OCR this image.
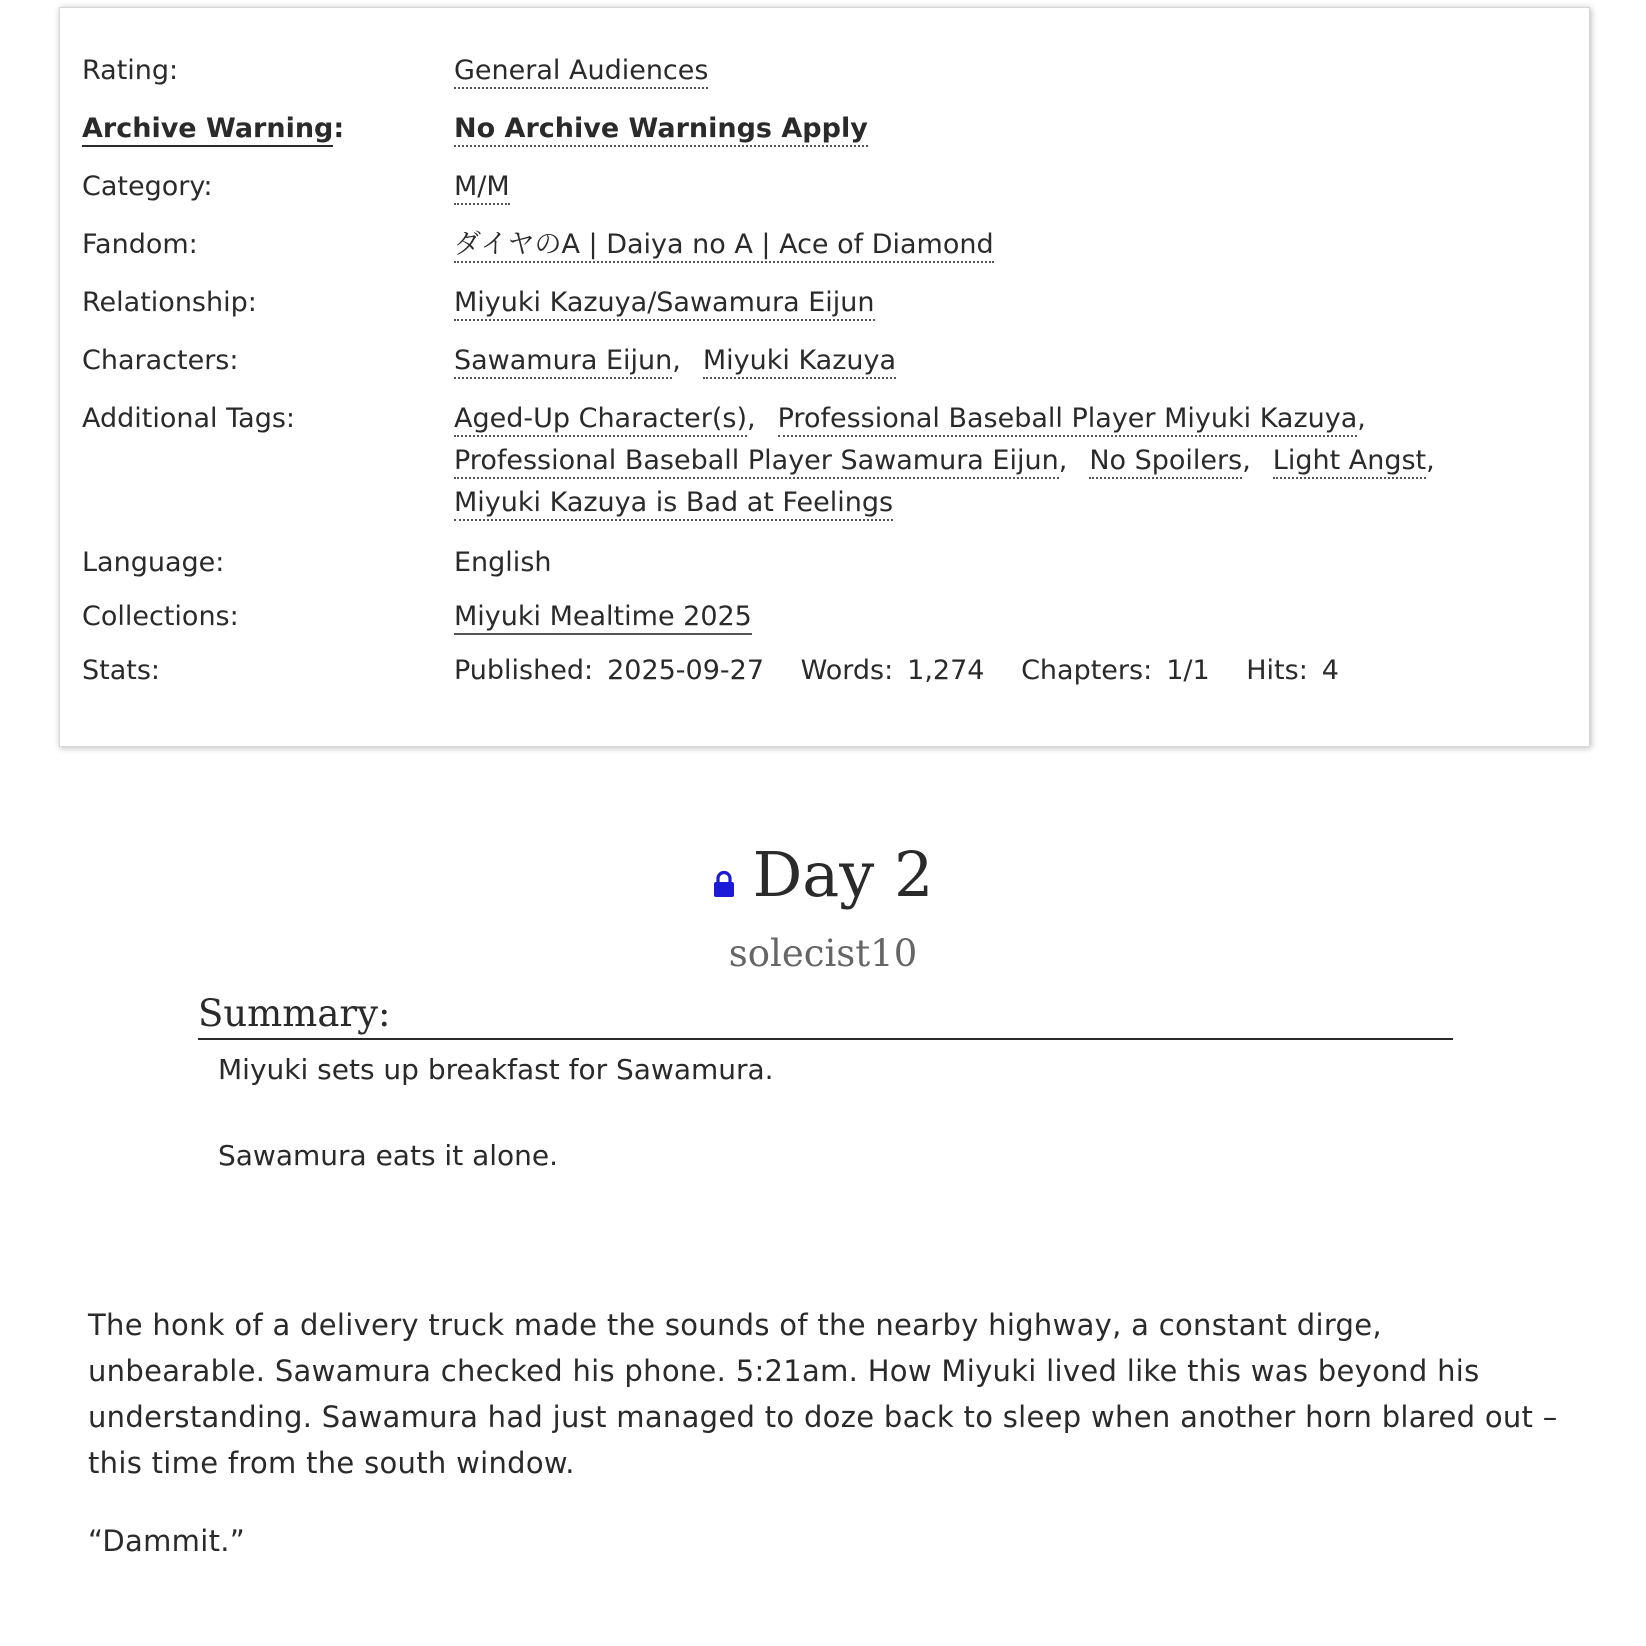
Rating:	General Audiences
Archive Warning:	No Archive Warnings Apply
Category:	M/M
Fandom:	ダイヤのA | Daiya no A | Ace of Diamond
Relationship:	Miyuki Kazuya/Sawamura Eijun
Characters:	Sawamura Eijun, Miyuki Kazuya
Additional Tags:	Aged-Up Character(s), Professional Baseball Player Miyuki Kazuya,
Professional Baseball Player Sawamura Eijun, No Spoilers, Light Angst,
Miyuki Kazuya is Bad at Feelings
Language:	English
Collections:	Miyuki Mealtime 2025
Stats:	Published: 2025-09-27 Words: 1,274 Chapters: 1/1 Hits: 4
Day 2
solecist10
Summary:

Miyuki sets up breakfast for Sawamura.

Sawamura eats it alone.

The honk of a delivery truck made the sounds of the nearby highway, a constant dirge, unbearable. Sawamura checked his phone. 5:21am. How Miyuki lived like this was beyond his understanding. Sawamura had just managed to doze back to sleep when another horn blared out – this time from the south window.

“Dammit.”
